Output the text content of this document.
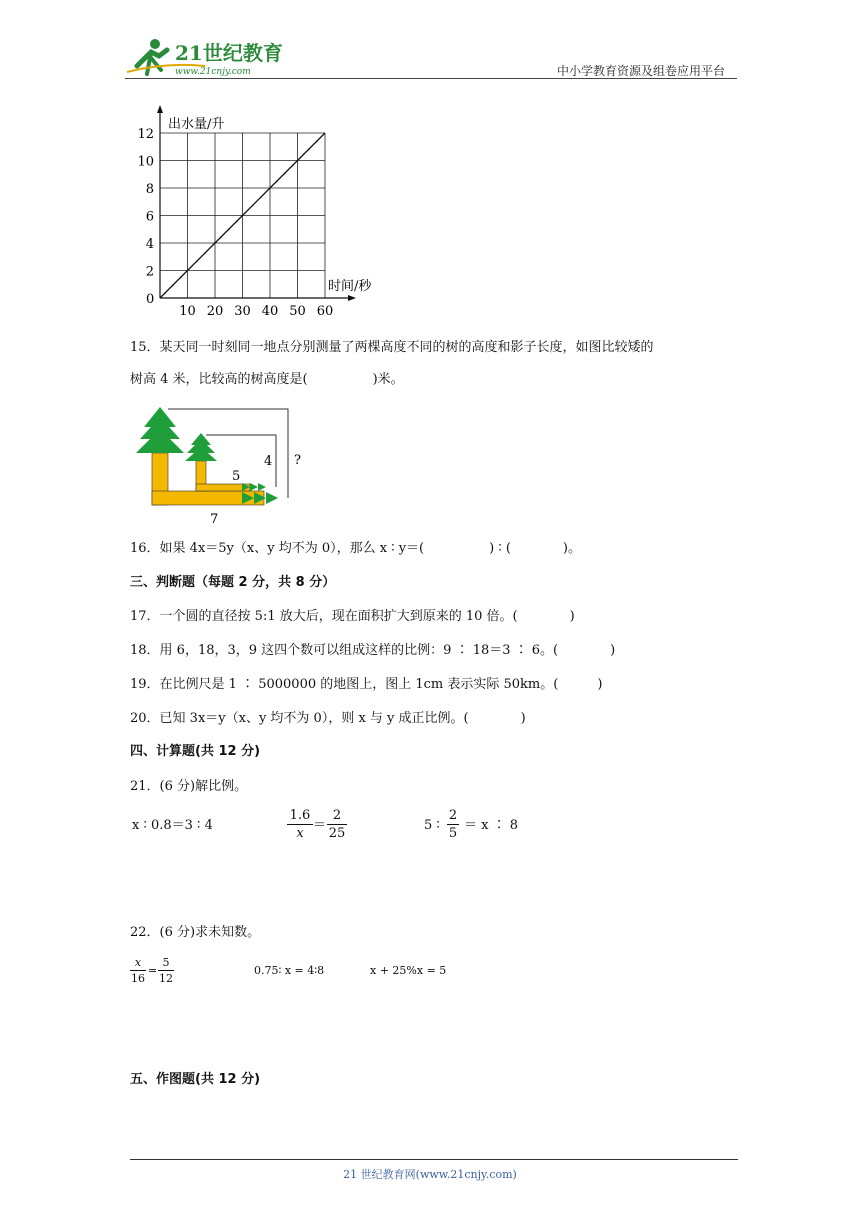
21世纪教育
www.21cnjy.com	中小学教育资源及组卷应用平台
10 20 30 40 50 60
2
4
6
8
10
12
出水量/升
时间/秒
0
15．某天同一时刻同一地点分别测量了两棵高度不同的树的高度和影子长度，如图比较矮的
树高 4 米，比较高的树高度是(　　　　　)米。
5
4
7
?
16．如果 4x＝5y（x、y 均不为 0），那么 x ∶ y＝(　　　　　) ∶ (　　　　)。
三、判断题（每题 2 分，共 8 分）
17．一个圆的直径按 5:1 放大后，现在面积扩大到原来的 10 倍。(　　　　)
18．用 6，18，3，9 这四个数可以组成这样的比例：9 ∶ 18＝3 ∶ 6。(　　　　)
19．在比例尺是 1 ∶ 5000000 的地图上，图上 1cm 表示实际 50km。(　　　)
20．已知 3x＝y（x、y 均不为 0），则 x 与 y 成正比例。(　　　　)
四、计算题(共 12 分)
21．(6 分)解比例。
x ∶ 0.8＝3 ∶ 4
1.6
x
＝
2
25
5 ∶
2
5
＝ x ∶ 8
22．(6 分)求未知数。
x
16
=
5
12
0.75∶ x = 4∶8	x + 25%x = 5
五、作图题(共 12 分)
21 世纪教育网(www.21cnjy.com)
